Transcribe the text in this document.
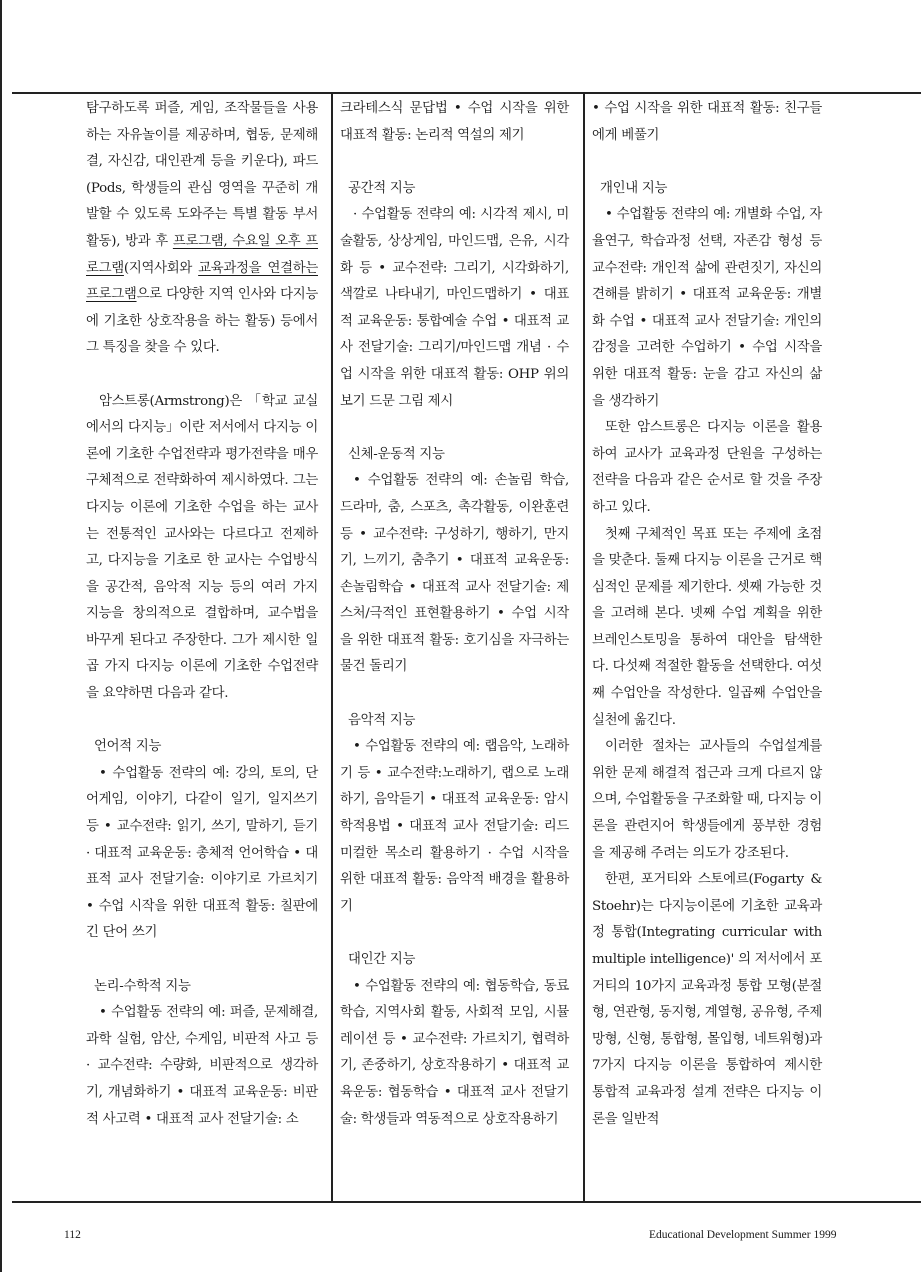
탐구하도록 퍼즐, 게임, 조작물들을 사용하는 자유놀이를 제공하며, 협동, 문제해결, 자신감, 대인관계 등을 키운다), 파드(Pods, 학생들의 관심 영역을 꾸준히 개발할 수 있도록 도와주는 특별 활동 부서 활동), 방과 후 프로그램, 수요일 오후 프로그램(지역사회와 교육과정을 연결하는 프로그램으로 다양한 지역 인사와 다지능에 기초한 상호작용을 하는 활동) 등에서 그 특징을 찾을 수 있다.

암스트롱(Armstrong)은 「학교 교실에서의 다지능」이란 저서에서 다지능 이론에 기초한 수업전략과 평가전략을 매우 구체적으로 전략화하여 제시하였다. 그는 다지능 이론에 기초한 수업을 하는 교사는 전통적인 교사와는 다르다고 전제하고, 다지능을 기초로 한 교사는 수업방식을 공간적, 음악적 지능 등의 여러 가지 지능을 창의적으로 결합하며, 교수법을 바꾸게 된다고 주장한다. 그가 제시한 일곱 가지 다지능 이론에 기초한 수업전략을 요약하면 다음과 같다.

언어적 지능

• 수업활동 전략의 예: 강의, 토의, 단어게임, 이야기, 다같이 일기, 일지쓰기 등 • 교수전략: 읽기, 쓰기, 말하기, 듣기 · 대표적 교육운동: 총체적 언어학습 • 대표적 교사 전달기술: 이야기로 가르치기 • 수업 시작을 위한 대표적 활동: 칠판에 긴 단어 쓰기

논리-수학적 지능

• 수업활동 전략의 예: 퍼즐, 문제해결, 과학 실험, 암산, 수게임, 비판적 사고 등 · 교수전략: 수량화, 비판적으로 생각하기, 개념화하기 • 대표적 교육운동: 비판적 사고력 • 대표적 교사 전달기술: 소

크라테스식 문답법 • 수업 시작을 위한 대표적 활동: 논리적 역설의 제기

공간적 지능

· 수업활동 전략의 예: 시각적 제시, 미술활동, 상상게임, 마인드맵, 은유, 시각화 등 • 교수전략: 그리기, 시각화하기, 색깔로 나타내기, 마인드맵하기 • 대표적 교육운동: 통합예술 수업 • 대표적 교사 전달기술: 그리기/마인드맵 개념 · 수업 시작을 위한 대표적 활동: OHP 위의 보기 드문 그림 제시

신체-운동적 지능

• 수업활동 전략의 예: 손놀림 학습, 드라마, 춤, 스포츠, 촉각활동, 이완훈련 등 • 교수전략: 구성하기, 행하기, 만지기, 느끼기, 춤추기 • 대표적 교육운동: 손놀림학습 • 대표적 교사 전달기술: 제스처/극적인 표현활용하기 • 수업 시작을 위한 대표적 활동: 호기심을 자극하는 물건 돌리기

음악적 지능

• 수업활동 전략의 예: 랩음악, 노래하기 등 • 교수전략:노래하기, 랩으로 노래하기, 음악듣기 • 대표적 교육운동: 암시학적용법 • 대표적 교사 전달기술: 리드미컬한 목소리 활용하기 · 수업 시작을 위한 대표적 활동: 음악적 배경을 활용하기

대인간 지능

• 수업활동 전략의 예: 협동학습, 동료학습, 지역사회 활동, 사회적 모임, 시뮬레이션 등 • 교수전략: 가르치기, 협력하기, 존중하기, 상호작용하기 • 대표적 교육운동: 협동학습 • 대표적 교사 전달기술: 학생들과 역동적으로 상호작용하기

• 수업 시작을 위한 대표적 활동: 친구들에게 베풀기

개인내 지능

• 수업활동 전략의 예: 개별화 수업, 자율연구, 학습과정 선택, 자존감 형성 등 교수전략: 개인적 삶에 관련짓기, 자신의 견해를 밝히기 • 대표적 교육운동: 개별화 수업 • 대표적 교사 전달기술: 개인의 감정을 고려한 수업하기 • 수업 시작을 위한 대표적 활동: 눈을 감고 자신의 삶을 생각하기

또한 암스트롱은 다지능 이론을 활용하여 교사가 교육과정 단원을 구성하는 전략을 다음과 같은 순서로 할 것을 주장하고 있다.

첫째 구체적인 목표 또는 주제에 초점을 맞춘다. 둘째 다지능 이론을 근거로 핵심적인 문제를 제기한다. 셋째 가능한 것을 고려해 본다. 넷째 수업 계획을 위한 브레인스토밍을 통하여 대안을 탐색한다. 다섯째 적절한 활동을 선택한다. 여섯째 수업안을 작성한다. 일곱째 수업안을 실천에 옮긴다.

이러한 절차는 교사들의 수업설계를 위한 문제 해결적 접근과 크게 다르지 않으며, 수업활동을 구조화할 때, 다지능 이론을 관련지어 학생들에게 풍부한 경험을 제공해 주려는 의도가 강조된다.

한편, 포거티와 스토에르(Fogarty & Stoehr)는 다지능이론에 기초한 교육과정 통합(Integrating curricular with multiple intelligence)' 의 저서에서 포거티의 10가지 교육과정 통합 모형(분절형, 연관형, 동지형, 계열형, 공유형, 주제망형, 신형, 통합형, 몰입형, 네트워형)과 7가지 다지능 이론을 통합하여 제시한 통합적 교육과정 설계 전략은 다지능 이론을 일반적

112	Educational Development Summer 1999
